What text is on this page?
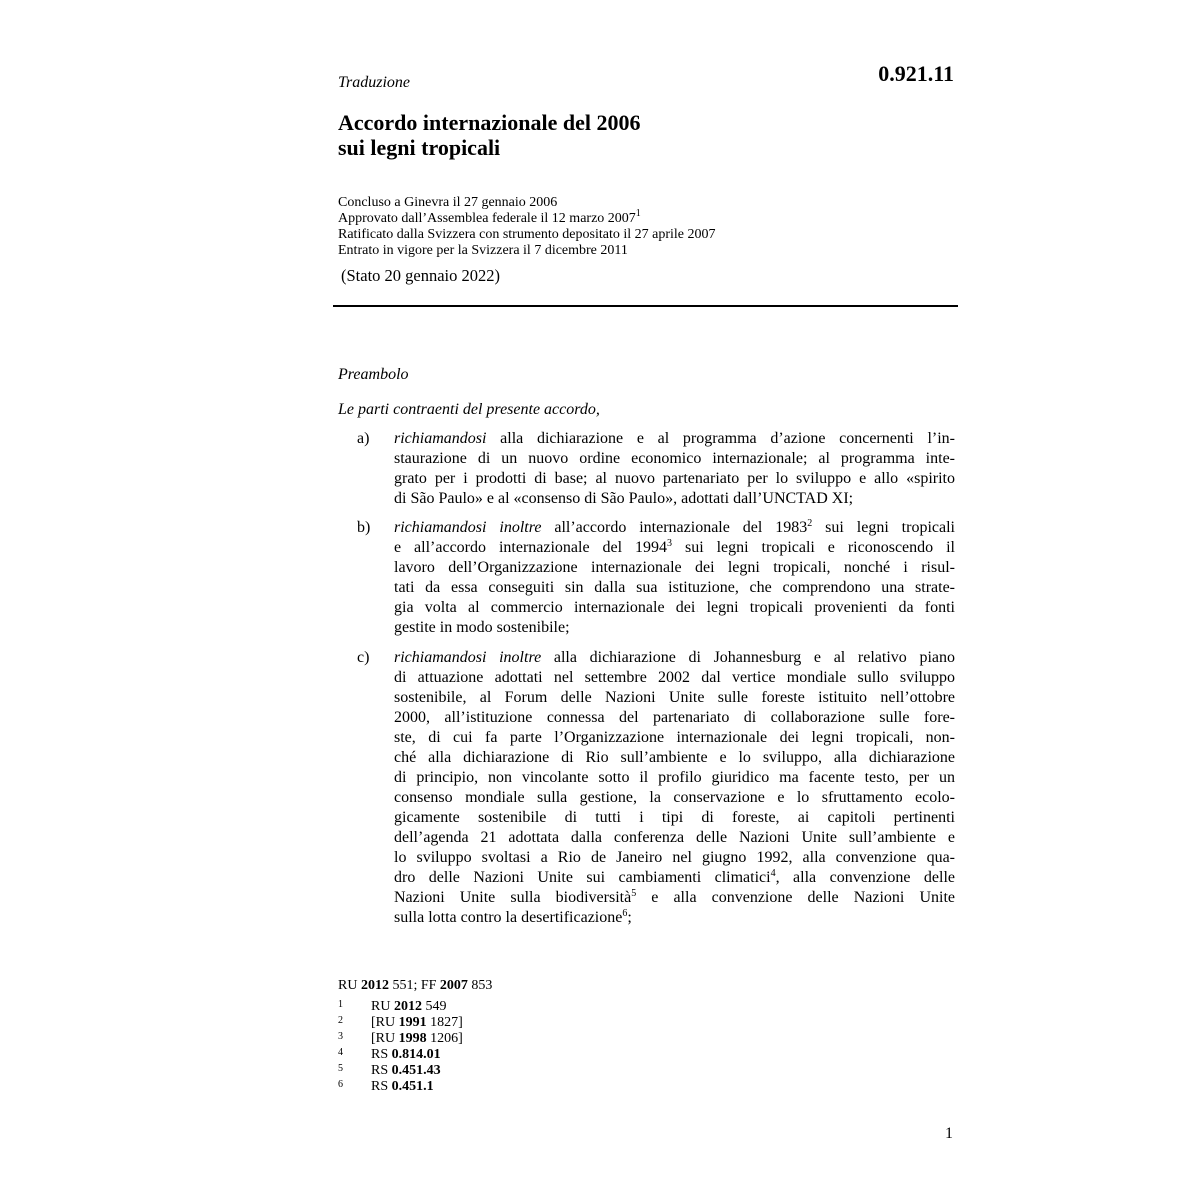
Traduzione	0.921.11
Accordo internazionale del 2006
sui legni tropicali
Concluso a Ginevra il 27 gennaio 2006
Approvato dall’Assemblea federale il 12 marzo 2007$^1$
Ratificato dalla Svizzera con strumento depositato il 27 aprile 2007
Entrato in vigore per la Svizzera il 7 dicembre 2011
(Stato 20 gennaio 2022)
Preambolo
Le parti contraenti del presente accordo,
a) richiamandosi alla dichiarazione e al programma d’azione concernenti l’in-
staurazione di un nuovo ordine economico internazionale; al programma inte-
grato per i prodotti di base; al nuovo partenariato per lo sviluppo e allo «spirito
di São Paulo» e al «consenso di São Paulo», adottati dall’UNCTAD XI;
b) richiamandosi inoltre all’accordo internazionale del 1983$^2$ sui legni tropicali
e all’accordo internazionale del 1994$^3$ sui legni tropicali e riconoscendo il
lavoro dell’Organizzazione internazionale dei legni tropicali, nonché i risul-
tati da essa conseguiti sin dalla sua istituzione, che comprendono una strate-
gia volta al commercio internazionale dei legni tropicali provenienti da fonti
gestite in modo sostenibile;
c) richiamandosi inoltre alla dichiarazione di Johannesburg e al relativo piano
di attuazione adottati nel settembre 2002 dal vertice mondiale sullo sviluppo
sostenibile, al Forum delle Nazioni Unite sulle foreste istituito nell’ottobre
2000, all’istituzione connessa del partenariato di collaborazione sulle fore-
ste, di cui fa parte l’Organizzazione internazionale dei legni tropicali, non-
ché alla dichiarazione di Rio sull’ambiente e lo sviluppo, alla dichiarazione
di principio, non vincolante sotto il profilo giuridico ma facente testo, per un
consenso mondiale sulla gestione, la conservazione e lo sfruttamento ecolo-
gicamente sostenibile di tutti i tipi di foreste, ai capitoli pertinenti
dell’agenda 21 adottata dalla conferenza delle Nazioni Unite sull’ambiente e
lo sviluppo svoltasi a Rio de Janeiro nel giugno 1992, alla convenzione qua-
dro delle Nazioni Unite sui cambiamenti climatici$^4$, alla convenzione delle
Nazioni Unite sulla biodiversità$^5$ e alla convenzione delle Nazioni Unite
sulla lotta contro la desertificazione$^6$;
RU 2012 551; FF 2007 853
1 RU 2012 549
2 [RU 1991 1827]
3 [RU 1998 1206]
4 RS 0.814.01
5 RS 0.451.43
6 RS 0.451.1
1
